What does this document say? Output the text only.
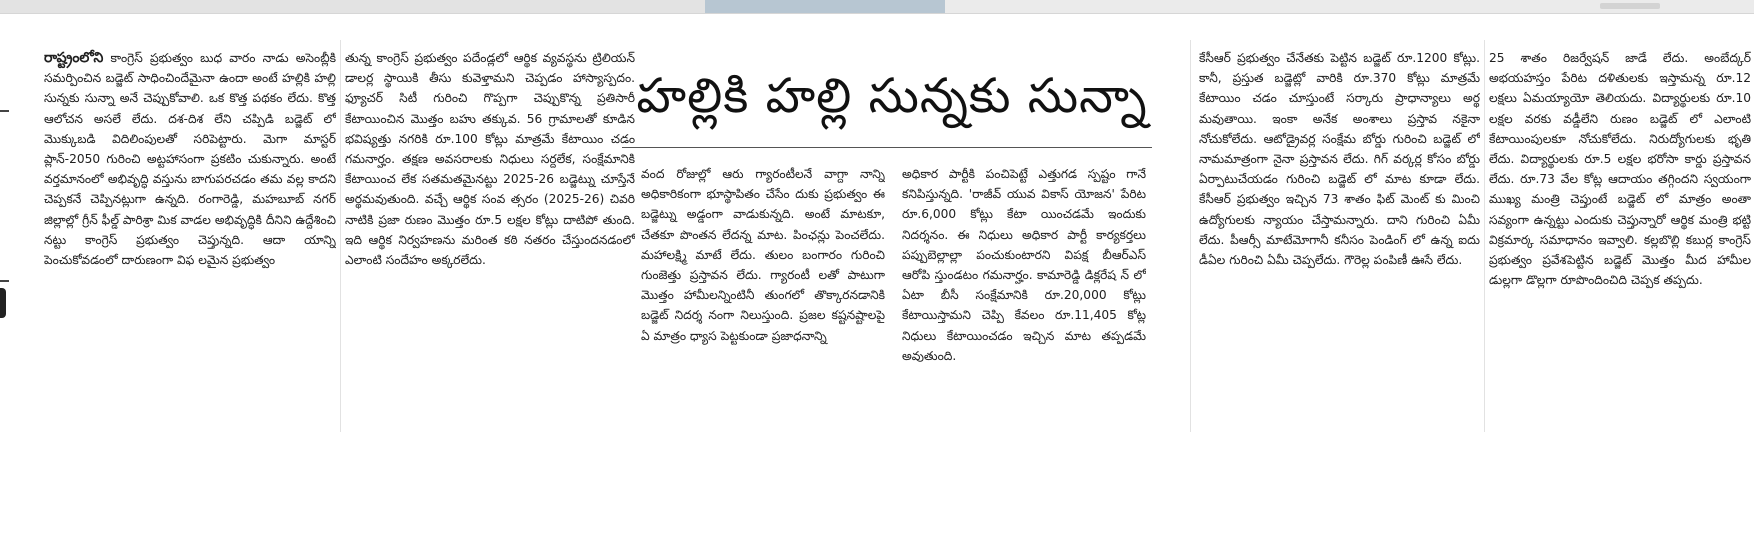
హల్లికి హల్లి సున్నకు సున్నా

రాష్ట్రంలోని కాంగ్రెస్ ప్రభుత్వం బుధ వారం నాడు అసెంబ్లీకి సమర్పించిన బడ్జెట్ సాధించిందేమైనా ఉందా అంటే హల్లికి హల్లి సున్నకు సున్నా అనే చెప్పుకోవాలి. ఒక కొత్త పథకం లేదు. కొత్త ఆలోచన అసలే లేదు. దశ-దిశ లేని చప్పిడి బడ్జెట్ లో మొక్కుబడి విదిలింపులతో సరిపెట్టారు. మెగా మాస్టర్ ప్లాన్-2050 గురించి అట్టహాసంగా ప్రకటిం చుకున్నారు. అంటే వర్తమానంలో అభివృద్ధి వస్తును బాగుపరచడం తమ వల్ల కాదని చెప్పకనే చెప్పినట్లుగా ఉన్నది. రంగారెడ్డి, మహబూబ్ నగర్ జిల్లాల్లో గ్రీన్ ఫీల్డ్ పారిశ్రా మిక వాడల అభివృద్ధికి దీనిని ఉద్దేశించి నట్టు కాంగ్రెస్ ప్రభుత్వం చెప్తున్నది. ఆదా యాన్ని పెంచుకోవడంలో దారుణంగా విఫ లమైన ప్రభుత్వం

తున్న కాంగ్రెస్ ప్రభుత్వం పదేండ్లలో ఆర్థిక వ్యవస్థను ట్రిలియన్ డాలర్ల స్థాయికి తీసు కువెళ్తామని చెప్పడం హాస్యాస్పదం. ఫ్యూచర్ సిటీ గురించి గొప్పగా చెప్పుకొన్న ప్రతిసారీ కేటాయించిన మొత్తం బహు తక్కువ. 56 గ్రామాలతో కూడిన భవిష్యత్తు నగరికి రూ.100 కోట్లు మాత్రమే కేటాయిం చడం గమనార్హం. తక్షణ అవసరాలకు నిధులు సర్దలేక, సంక్షేమానికి కేటాయించ లేక సతమతమైనట్టు 2025-26 బడ్జెట్ను చూస్తేనే అర్థమవుతుంది. వచ్చే ఆర్థిక సంవ త్సరం (2025-26) చివరి నాటికి ప్రజా రుణం మొత్తం రూ.5 లక్షల కోట్లు దాటిపో తుంది. ఇది ఆర్థిక నిర్వహణను మరింత కఠి నతరం చేస్తుందనడంలో ఎలాంటి సందేహం అక్కరలేదు.

వంద రోజుల్లో ఆరు గ్యారంటీలనే వాగ్దా నాన్ని అధికారికంగా భూస్థాపితం చేసేం దుకు ప్రభుత్వం ఈ బడ్జెట్ను అడ్డంగా వాడుకున్నది. అంటే మాటకూ, చేతకూ పొంతన లేదన్న మాట. పింఛన్లు పెంచలేదు. మహాలక్ష్మి మాటే లేదు. తులం బంగారం గురించి గుంజెత్తు ప్రస్తావన లేదు. గ్యారంటీ లతో పాటుగా మొత్తం హామీలన్నింటినీ తుంగలో తొక్కారనడానికి బడ్జెట్ నిదర్శ నంగా నిలుస్తుంది. ప్రజల కష్టనష్టాలపై ఏ మాత్రం ధ్యాస పెట్టకుండా ప్రజాధనాన్ని

అధికార పార్టీకి పంచిపెట్టే ఎత్తుగడ స్పష్టం గానే కనిపిస్తున్నది. 'రాజీవ్ యువ వికాస్ యోజన' పేరిట రూ.6,000 కోట్లు కేటా యించడమే ఇందుకు నిదర్శనం. ఈ నిధులు అధికార పార్టీ కార్యకర్తలు పప్పుబెల్లాల్లా పంచుకుంటారని విపక్ష బీఆర్ఎస్ ఆరోపి స్తుండటం గమనార్హం. కామారెడ్డి డిక్లరేష న్ లో ఏటా బీసీ సంక్షేమానికి రూ.20,000 కోట్లు కేటాయిస్తామని చెప్పి కేవలం రూ.11,405 కోట్ల నిధులు కేటాయించడం ఇచ్చిన మాట తప్పడమే అవుతుంది.

కేసీఆర్ ప్రభుత్వం చేనేతకు పెట్టిన బడ్జెట్ రూ.1200 కోట్లు. కానీ, ప్రస్తుత బడ్జెట్లో వారికి రూ.370 కోట్లు మాత్రమే కేటాయిం చడం చూస్తుంటే సర్కారు ప్రాధాన్యాలు అర్థ మవుతాయి. ఇంకా అనేక అంశాలు ప్రస్తావ నకైనా నోచుకోలేదు. ఆటోడ్రైవర్ల సంక్షేమ బోర్డు గురించి బడ్జెట్ లో నామమాత్రంగా నైనా ప్రస్తావన లేదు. గిగ్ వర్కర్ల కోసం బోర్డు ఏర్పాటుచేయడం గురించి బడ్జెట్ లో మాట కూడా లేదు. కేసీఆర్ ప్రభుత్వం ఇచ్చిన 73 శాతం ఫిట్ మెంట్ కు మించి ఉద్యోగులకు న్యాయం చేస్తామన్నారు. దాని గురించి ఏమీ లేదు. పీఆర్సీ మాటేమోగానీ కనీసం పెండింగ్ లో ఉన్న ఐదు డీఏల గురించి ఏమీ చెప్పలేదు. గౌరెల్ల పంపిణీ ఊసే లేదు.

25 శాతం రిజర్వేషన్ జాడే లేదు. అంబేద్కర్ అభయహస్తం పేరిట దళితులకు ఇస్తామన్న రూ.12 లక్షలు ఏమయ్యాయో తెలియదు. విద్యార్థులకు రూ.10 లక్షల వరకు వడ్డీలేని రుణం బడ్జెట్ లో ఎలాంటి కేటాయింపులకూ నోచుకోలేదు. నిరుద్యోగులకు భృతి లేదు. విద్యార్థులకు రూ.5 లక్షల భరోసా కార్డు ప్రస్తావన లేదు. రూ.73 వేల కోట్ల ఆదాయం తగ్గిందని స్వయంగా ముఖ్య మంత్రి చెప్తుంటే బడ్జెట్ లో మాత్రం అంతా సవ్యంగా ఉన్నట్టు ఎందుకు చెప్తున్నారో ఆర్థిక మంత్రి భట్టి విక్రమార్క సమాధానం ఇవ్వాలి. కల్లబొల్లి కబుర్ల కాంగ్రెస్ ప్రభుత్వం ప్రవేశపెట్టిన బడ్జెట్ మొత్తం మీద హామీల డుల్లగా డొల్లగా రూపొందించిది చెప్పక తప్పదు.
